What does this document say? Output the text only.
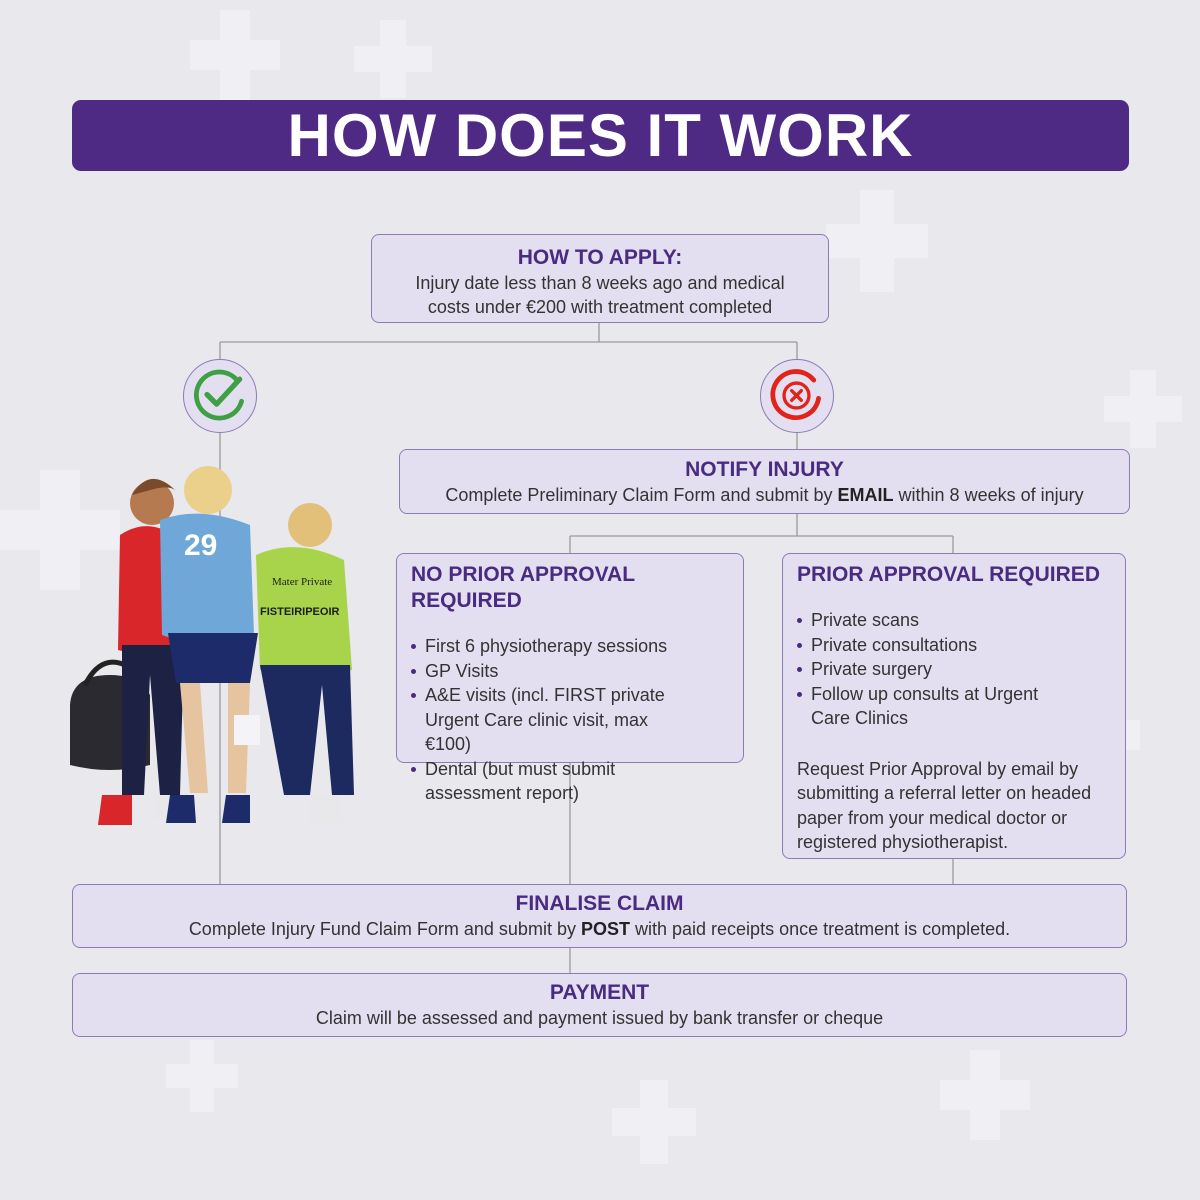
HOW DOES IT WORK
HOW TO APPLY:
Injury date less than 8 weeks ago and medical costs under €200 with treatment completed
NOTIFY INJURY
Complete Preliminary Claim Form and submit by EMAIL within 8 weeks of injury
NO PRIOR APPROVAL REQUIRED
First 6 physiotherapy sessions
GP Visits
A&E visits (incl. FIRST private Urgent Care clinic visit, max €100)
Dental (but must submit assessment report)
PRIOR APPROVAL REQUIRED
Private scans
Private consultations
Private surgery
Follow up consults at Urgent Care Clinics
Request Prior Approval by email by submitting a referral letter on headed paper from your medical doctor or registered physiotherapist.
FINALISE CLAIM
Complete Injury Fund Claim Form and submit by POST with paid receipts once treatment is completed.
PAYMENT
Claim will be assessed and payment issued by bank transfer or cheque
29
Mater Private
FISTEIRIPEOIR
